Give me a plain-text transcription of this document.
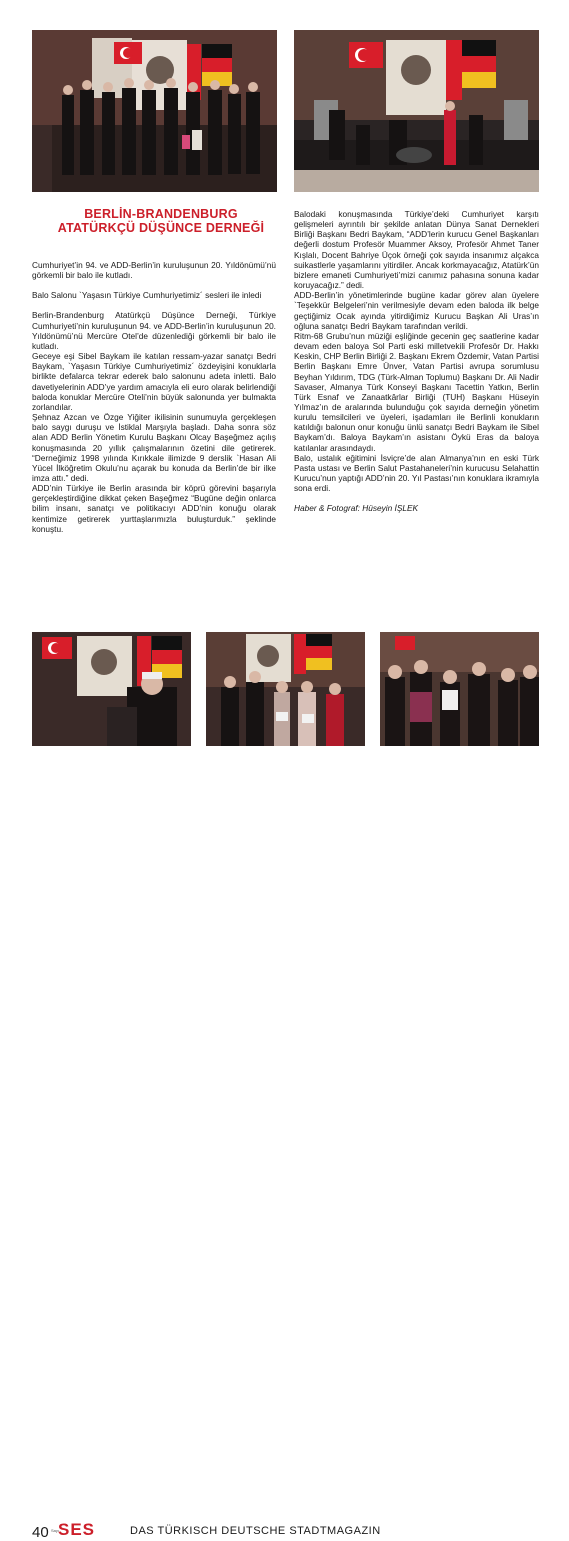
BERLİN-BRANDENBURG
ATATÜRKÇÜ DÜŞÜNCE DERNEĞİ

Cumhuriyet’in 94. ve ADD-Berlin’in kuruluşunun 20. Yıldönümü’nü görkemli bir balo ile kutladı.

Balo Salonu `Yaşasın Türkiye Cumhuriyetimiz´ sesleri ile inledi

Berlin-Brandenburg Atatürkçü Düşünce Derneği, Türkiye Cumhuriyeti’nin kuruluşunun 94. ve ADD-Berlin’in kuruluşunun 20. Yıldönümü’nü Mercüre Otel’de düzenlediği görkemli bir balo ile kutladı.

Geceye eşi Sibel Baykam ile katılan ressam-yazar sanatçı Bedri Baykam, `Yaşasın Türkiye Cumhuriyetimiz´ özdeyişini konuklarla birlikte defalarca tekrar ederek balo salonunu adeta inletti. Balo davetiyelerinin ADD’ye yardım amacıyla eli euro olarak belirlendiği baloda konuklar Mercüre Oteli’nin büyük salonunda yer bulmakta zorlandılar.

Şehnaz Azcan ve Özge Yiğiter ikilisinin sunumuyla gerçekleşen balo saygı duruşu ve İstiklal Marşıyla başladı. Daha sonra söz alan ADD Berlin Yönetim Kurulu Başkanı Olcay Başeğmez açılış konuşmasında 20 yıllık çalışmalarının özetini dile getirerek. “Derneğimiz 1998 yılında Kırıkkale ilimizde 9 derslik `Hasan Ali Yücel İlköğretim Okulu’nu açarak bu konuda da Berlin’de bir ilke imza attı.” dedi.

ADD’nin Türkiye ile Berlin arasında bir köprü görevini başarıyla gerçekleştirdiğine dikkat çeken Başeğmez “Bugüne değin onlarca bilim insanı, sanatçı ve politikacıyı ADD’nin konuğu olarak kentimize getirerek yurttaşlarımızla buluşturduk.” şeklinde konuştu.

Balodaki konuşmasında Türkiye’deki Cumhuriyet karşıtı gelişmeleri ayrıntılı bir şekilde anlatan Dünya Sanat Dernekleri Birliği Başkanı Bedri Baykam, “ADD’lerin kurucu Genel Başkanları değerli dostum Profesör Muammer Aksoy, Profesör Ahmet Taner Kışlalı, Docent Bahriye Üçok örneği çok sayıda insanımız alçakca suikastlerle yaşamlarını yitirdiler. Ancak korkmayacağız, Atatürk’ün bizlere emaneti Cumhuriyeti’mizi canımız pahasına sonuna kadar koruyacağız.” dedi.

ADD-Berlin’in yönetimlerinde bugüne kadar görev alan üyelere `Teşekkür Belgeleri’nin verilmesiyle devam eden baloda ilk belge geçtiğimiz Ocak ayında yitirdiğimiz Kurucu Başkan Ali Uras’ın oğluna sanatçı Bedri Baykam tarafından verildi.

Ritm-68 Grubu’nun müziği eşliğinde gecenin geç saatlerine kadar devam eden baloya Sol Parti eski milletvekili Profesör Dr. Hakkı Keskin, CHP Berlin Birliği 2. Başkanı Ekrem Özdemir, Vatan Partisi Berlin Başkanı Emre Ünver, Vatan Partisi avrupa sorumlusu Beyhan Yıldırım, TDG (Türk-Alman Toplumu) Başkanı Dr. Ali Nadir Savaser, Almanya Türk Konseyi Başkanı Tacettin Yatkın, Berlin Türk Esnaf ve Zanaatkârlar Birliği (TUH) Başkanı Hüseyin Yılmaz’ın de aralarında bulunduğu çok sayıda derneğin yönetim kurulu temsilcileri ve üyeleri, işadamları ile Berlinli konukların katıldığı balonun onur konuğu ünlü sanatçı Bedri Baykam ile Sibel Baykam’dı. Baloya Baykam’ın asistanı Öykü Eras da baloya katılanlar arasındaydı.

Balo, ustalık eğitimini İsviçre’de alan Almanya’nın en eski Türk Pasta ustası ve Berlin Salut Pastahaneleri’nin kurucusu Selahattin Kurucu’nun yaptığı ADD’nin 20. Yıl Pastası’nın konuklara ikramıyla sona erdi.

Haber & Fotograf: Hüseyin İŞLEK

40 Sayı
SES	DAS TÜRKISCH DEUTSCHE STADTMAGAZIN
